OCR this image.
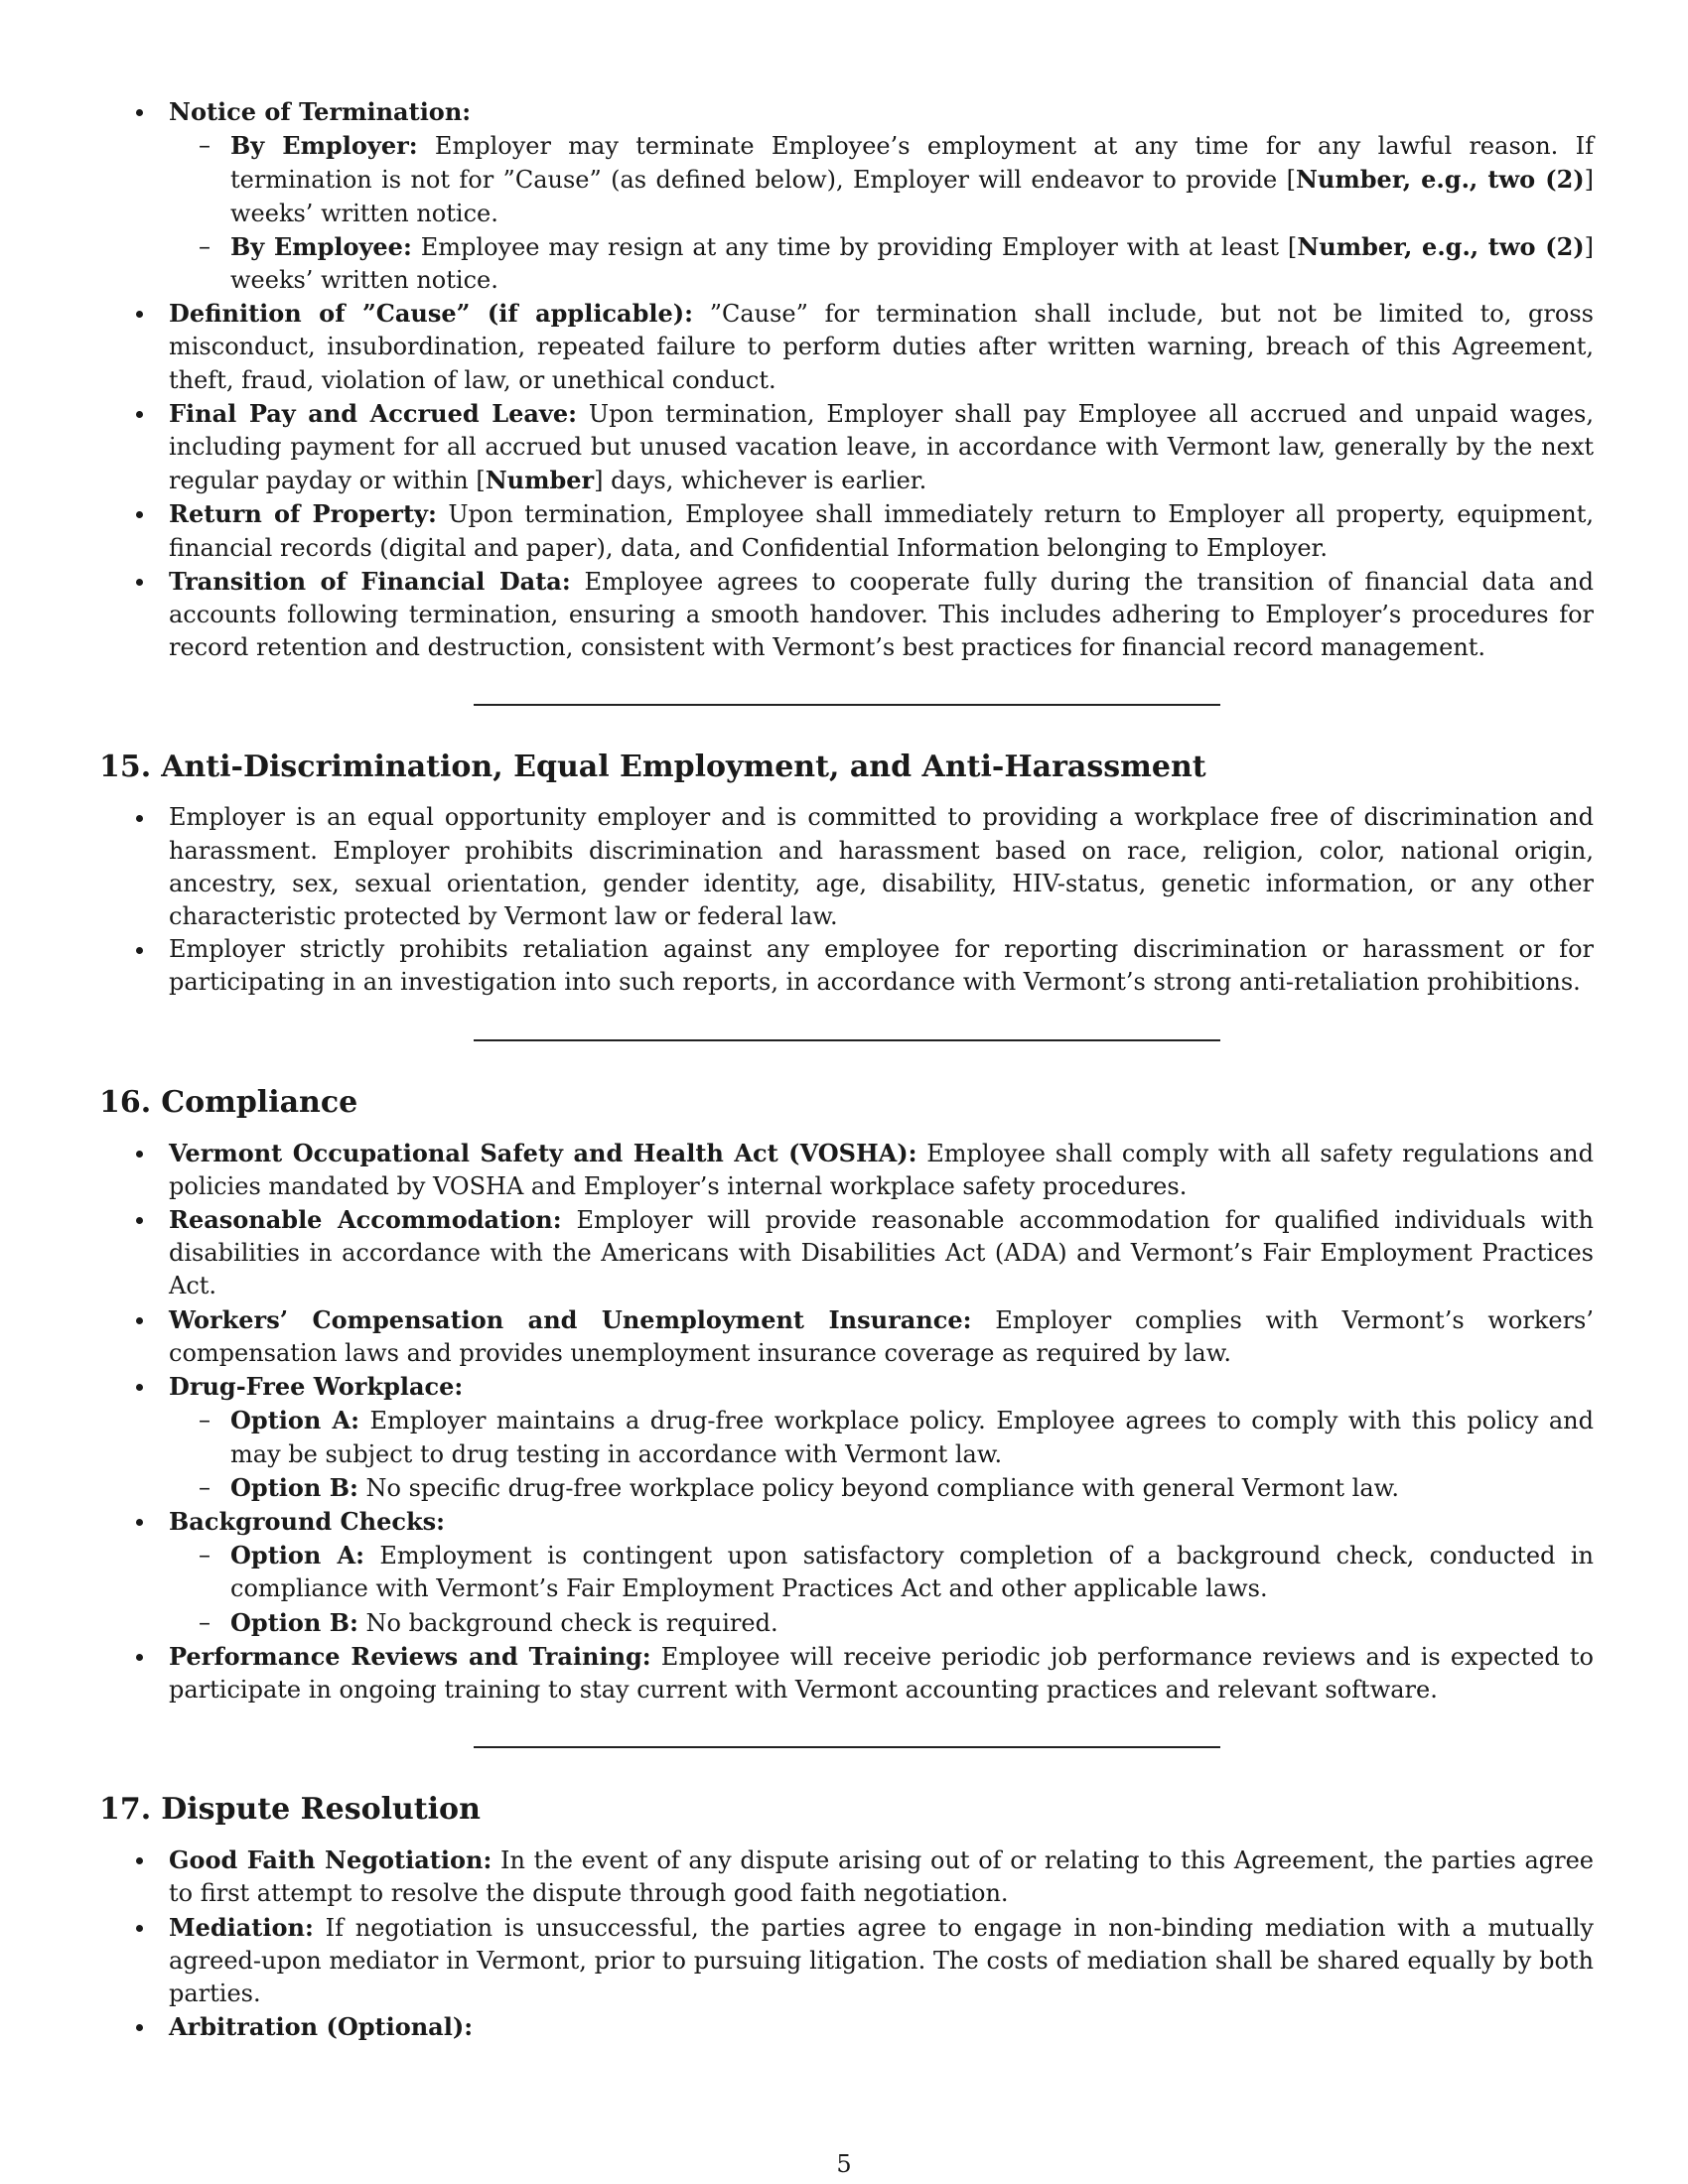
Notice of Termination:
– By Employer: Employer may terminate Employee’s employment at any time for any lawful reason. If termination is not for ”Cause” (as defined below), Employer will endeavor to provide [Number, e.g., two (2)] weeks’ written notice.
– By Employee: Employee may resign at any time by providing Employer with at least [Number, e.g., two (2)] weeks’ written notice.
Definition of ”Cause” (if applicable): ”Cause” for termination shall include, but not be limited to, gross misconduct, insubordination, repeated failure to perform duties after written warning, breach of this Agreement, theft, fraud, violation of law, or unethical conduct.
Final Pay and Accrued Leave: Upon termination, Employer shall pay Employee all accrued and unpaid wages, including payment for all accrued but unused vacation leave, in accordance with Vermont law, generally by the next regular payday or within [Number] days, whichever is earlier.
Return of Property: Upon termination, Employee shall immediately return to Employer all property, equipment, financial records (digital and paper), data, and Confidential Information belonging to Employer.
Transition of Financial Data: Employee agrees to cooperate fully during the transition of financial data and accounts following termination, ensuring a smooth handover. This includes adhering to Employer’s procedures for record retention and destruction, consistent with Vermont’s best practices for financial record management.
15. Anti-Discrimination, Equal Employment, and Anti-Harassment
Employer is an equal opportunity employer and is committed to providing a workplace free of discrimination and harassment. Employer prohibits discrimination and harassment based on race, religion, color, national origin, ancestry, sex, sexual orientation, gender identity, age, disability, HIV-status, genetic information, or any other characteristic protected by Vermont law or federal law.
Employer strictly prohibits retaliation against any employee for reporting discrimination or harassment or for participating in an investigation into such reports, in accordance with Vermont’s strong anti-retaliation prohibitions.
16. Compliance
Vermont Occupational Safety and Health Act (VOSHA): Employee shall comply with all safety regulations and policies mandated by VOSHA and Employer’s internal workplace safety procedures.
Reasonable Accommodation: Employer will provide reasonable accommodation for qualified individuals with disabilities in accordance with the Americans with Disabilities Act (ADA) and Vermont’s Fair Employment Practices Act.
Workers’ Compensation and Unemployment Insurance: Employer complies with Vermont’s workers’ compensation laws and provides unemployment insurance coverage as required by law.
Drug-Free Workplace:
– Option A: Employer maintains a drug-free workplace policy. Employee agrees to comply with this policy and may be subject to drug testing in accordance with Vermont law.
– Option B: No specific drug-free workplace policy beyond compliance with general Vermont law.
Background Checks:
– Option A: Employment is contingent upon satisfactory completion of a background check, conducted in compliance with Vermont’s Fair Employment Practices Act and other applicable laws.
– Option B: No background check is required.
Performance Reviews and Training: Employee will receive periodic job performance reviews and is expected to participate in ongoing training to stay current with Vermont accounting practices and relevant software.
17. Dispute Resolution
Good Faith Negotiation: In the event of any dispute arising out of or relating to this Agreement, the parties agree to first attempt to resolve the dispute through good faith negotiation.
Mediation: If negotiation is unsuccessful, the parties agree to engage in non-binding mediation with a mutually agreed-upon mediator in Vermont, prior to pursuing litigation. The costs of mediation shall be shared equally by both parties.
Arbitration (Optional):
5
